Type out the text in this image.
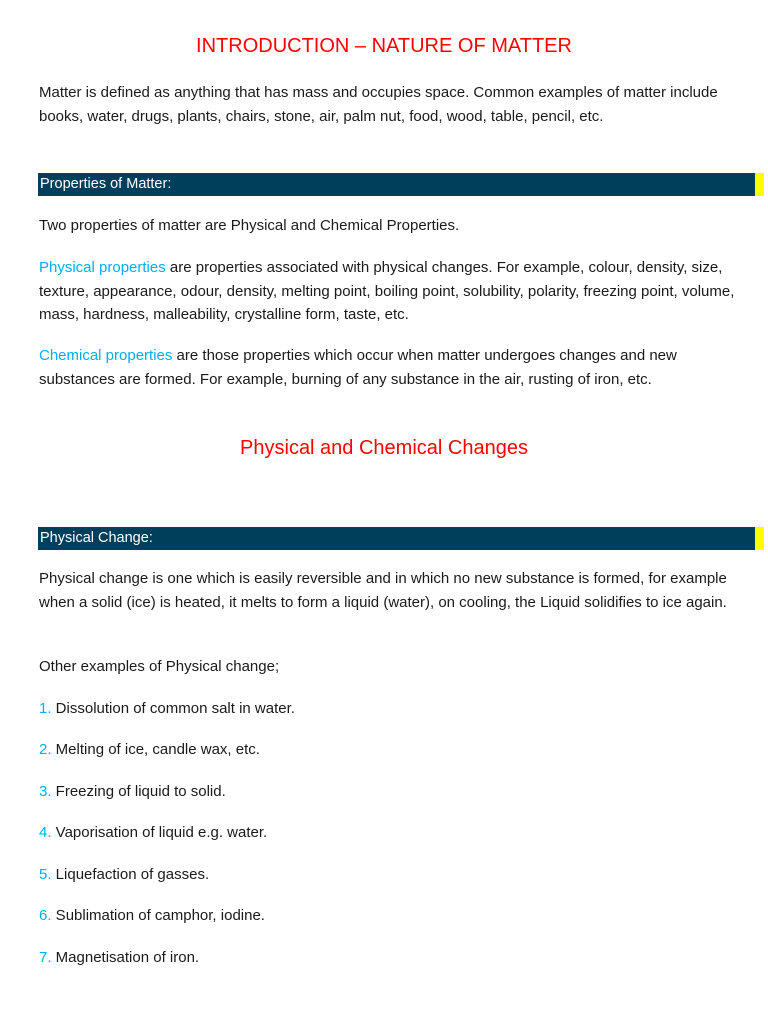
INTRODUCTION – NATURE OF MATTER

Matter is defined as anything that has mass and occupies space. Common examples of matter include books, water, drugs, plants, chairs, stone, air, palm nut, food, wood, table, pencil, etc.

Properties of Matter:

Two properties of matter are Physical and Chemical Properties.

Physical properties are properties associated with physical changes. For example, colour, density, size, texture, appearance, odour, density, melting point, boiling point, solubility, polarity, freezing point, volume, mass, hardness, malleability, crystalline form, taste, etc.

Chemical properties are those properties which occur when matter undergoes changes and new substances are formed. For example, burning of any substance in the air, rusting of iron, etc.

Physical and Chemical Changes
Physical Change:

Physical change is one which is easily reversible and in which no new substance is formed, for example when a solid (ice) is heated, it melts to form a liquid (water), on cooling, the Liquid solidifies to ice again.

Other examples of Physical change;

1. Dissolution of common salt in water.
2. Melting of ice, candle wax, etc.
3. Freezing of liquid to solid.
4. Vaporisation of liquid e.g. water.
5. Liquefaction of gasses.
6. Sublimation of camphor, iodine.
7. Magnetisation of iron.
